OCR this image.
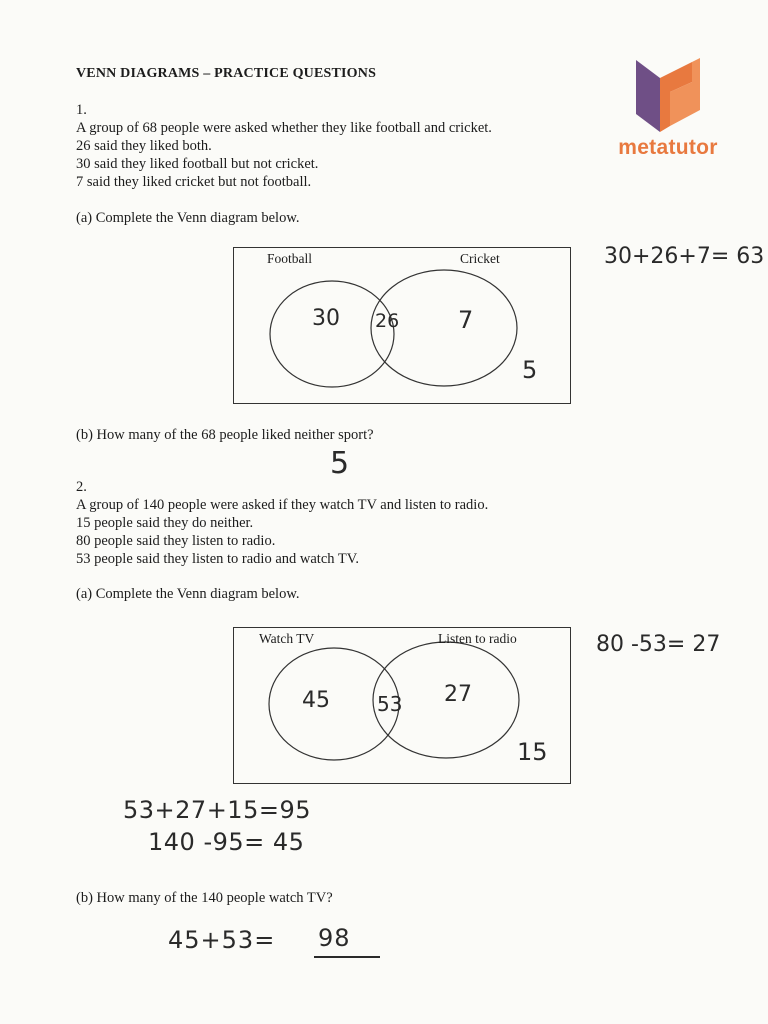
metatutor
VENN DIAGRAMS – PRACTICE QUESTIONS
1.
A group of 68 people were asked whether they like football and cricket.
26 said they liked both.
30 said they liked football but not cricket.
7 said they liked cricket but not football.
(a) Complete the Venn diagram below.
Football	Cricket
30 26 7
5
30+26+7= 63
(b) How many of the 68 people liked neither sport?
5
2.
A group of 140 people were asked if they watch TV and listen to radio.
15 people said they do neither.
80 people said they listen to radio.
53 people said they listen to radio and watch TV.
(a) Complete the Venn diagram below.
Watch TV	Listen to radio
45 53 27
15
80 -53= 27
53+27+15=95
140 -95= 45
(b) How many of the 140 people watch TV?
45+53= 98
